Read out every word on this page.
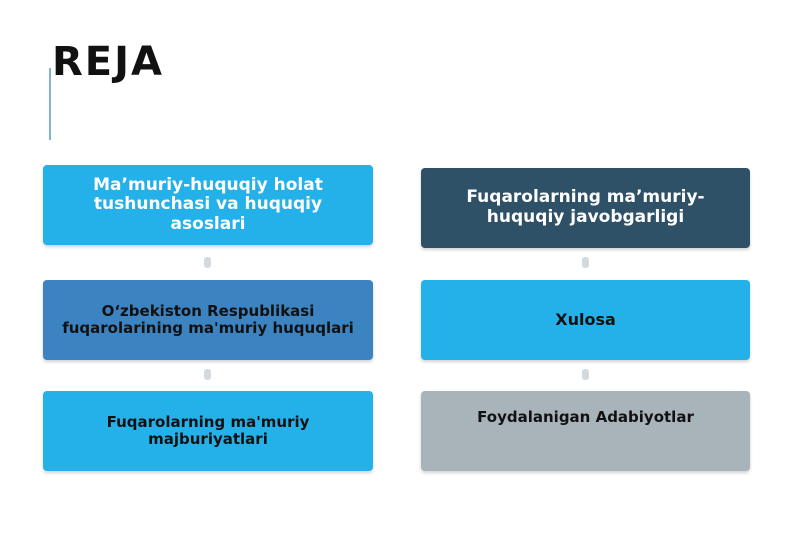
REJA
Ma’muriy-huquqiy holat tushunchasi va huquqiy asoslari
O‘zbekiston Respublikasi fuqarolarining ma'muriy huquqlari
Fuqarolarning ma'muriy majburiyatlari
Fuqarolarning ma’muriy-huquqiy javobgarligi
Xulosa
Foydalanigan Adabiyotlar
